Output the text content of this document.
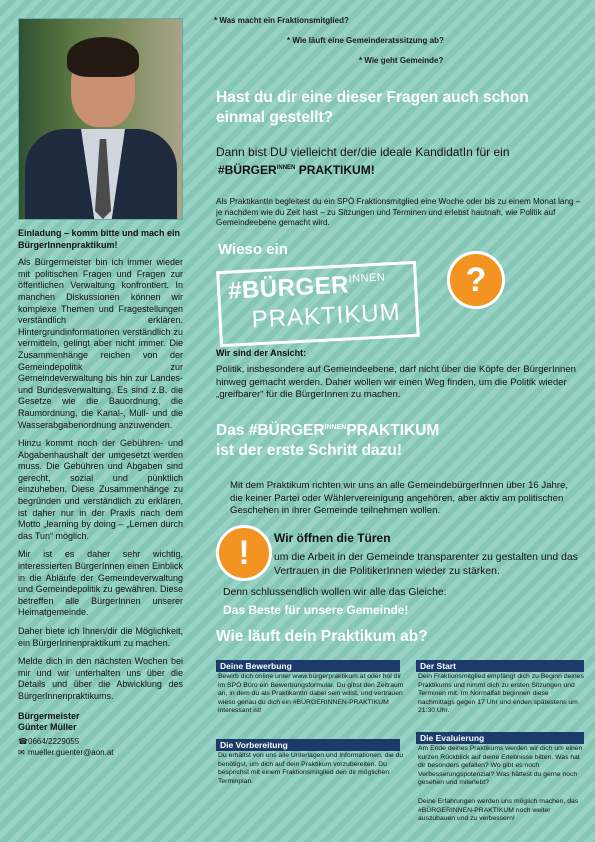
Einladung – komm bitte und mach ein BürgerInnenpraktikum!

Als Bürgermeister bin ich immer wieder mit politischen Fragen und Fragen zur öffentlichen Verwaltung konfrontiert. In manchen Diskussionen können wir komplexe Themen und Fragestellungen verständlich erklären. Hintergrundinformationen verständlich zu vermitteln, gelingt aber nicht immer. Die Zusammenhänge reichen von der Gemeindepolitik zur Gemeindeverwaltung bis hin zur Landes- und Bundesverwaltung. Es sind z.B. die Gesetze wie die Bauordnung, die Raumordnung, die Kanal-, Müll- und die Wasserabgabenordnung anzuwenden.

Hinzu kommt noch der Gebühren- und Abgabenhaushalt der umgesetzt werden muss. Die Gebühren und Abgaben sind gerecht, sozial und pünktlich einzuheben. Diese Zusammenhänge zu begründen und verständlich zu erklären, ist daher nur in der Praxis nach dem Motto „learning by doing – „Lernen durch das Tun“ möglich.

Mir ist es daher sehr wichtig, interessierten BürgerInnen einen Einblick in die Abläufe der Gemeindeverwaltung und Gemeindepolitik zu gewähren. Diese betreffen alle BürgerInnen unserer Heimatgemeinde.

Daher biete ich Ihnen/dir die Möglichkeit, ein BürgerInnenpraktikum zu machen.

Melde dich in den nächsten Wochen bei mir und wir unterhalten uns über die Details und über die Abwicklung des BürgerInnenpraktikums.

Bürgermeister
Günter Müller
☎0664/2229055
✉ mueller.guenter@aon.at
* Was macht ein Fraktionsmitglied?
* Wie läuft eine Gemeinderatssitzung ab?
* Wie geht Gemeinde?
Hast du dir eine dieser Fragen auch schon einmal gestellt?
Dann bist DU vielleicht der/die ideale KandidatIn für ein
$\#BÜRGER^{INNEN}$ PRAKTIKUM!
Als PraktikantIn begleitest du ein SPÖ Fraktionsmitglied eine Woche oder bis zu einem Monat lang – je nachdem wie du Zeit hast – zu Sitzungen und Terminen und erlebst hautnah, wie Politik auf Gemeindeebene gemacht wird.
Wieso ein
$\#BÜRGER^{INNEN}$
PRAKTIKUM
?
Wir sind der Ansicht:
Politik, insbesondere auf Gemeindeebene, darf nicht über die Köpfe der BürgerInnen hinweg gemacht werden. Daher wollen wir einen Weg finden, um die Politik wieder „greifbarer“ für die BürgerInnen zu machen.
Das $\#BÜRGER^{INNEN}PRAKTIKUM$
ist der erste Schritt dazu!
Mit dem Praktikum richten wir uns an alle GemeindebürgerInnen über 16 Jahre, die keiner Partei oder Wählervereinigung angehören, aber aktiv am politischen Geschehen in ihrer Gemeinde teilnehmen wollen.
!	Wir öffnen die Türen
um die Arbeit in der Gemeinde transparenter zu gestalten und das Vertrauen in die PolitikerInnen wieder zu stärken.
Denn schlussendlich wollen wir alle das Gleiche:
Das Beste für unsere Gemeinde!
Wie läuft dein Praktikum ab?
Deine Bewerbung
Bewirb dich online unter www.bürgerpraktikum.at oder hol dir im SPÖ Büro ein Bewerbungsformular. Du gibst den Zeitraum an, in dem du als PraktikantIn dabei sein willst, und vertrauen wieso genau du dich ein #BÜRGERINNEN-PRAKTIKUM interessant ist!
Die Vorbereitung
Du erhältst von uns alle Unterlagen und Informationen, die du benötigst, um dich auf dein Praktikum vorzubereiten. Du besprichst mit einem Fraktionsmitglied den dir möglichen Terminplan.
Der Start
Dein Fraktionsmitglied empfängt dich zu Beginn deines Praktikums und nimmt dich zu ersten Sitzungen und Terminen mit. Im Normalfall beginnen diese nachmittags gegen 17 Uhr und enden spätestens um 21:30 Uhr.
Die Evaluierung
Am Ende deines Praktikums werden wir dich um einen kurzen Rückblick auf deine Erlebnisse bitten. Was hat dir besonders gefallen? Wo gibt es noch Verbesserungspotenzial? Was hättest du gerne noch gesehen und miterlebt?
Deine Erfahrungen werden uns möglich machen, das #BÜRGERINNEN-PRAKTIKUM noch weiter auszubauen und zu verbessern!
